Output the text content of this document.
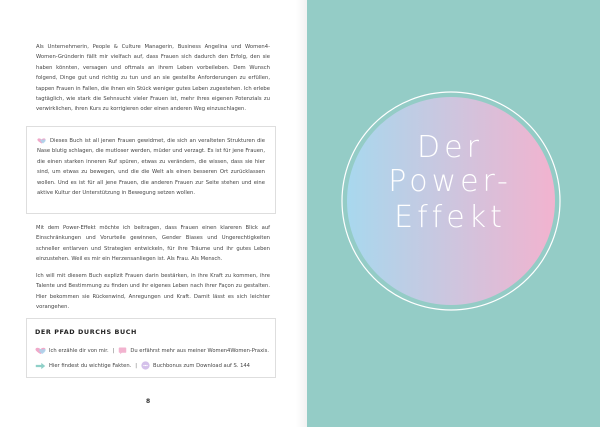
Als Unternehmerin, People & Culture Managerin, Business Angelina und Women4-Women-Gründerin fällt mir vielfach auf, dass Frauen sich dadurch den Erfolg, den sie haben könnten, versagen und oftmals an ihrem Leben vorbeileben. Dem Wunsch folgend, Dinge gut und richtig zu tun und an sie gestellte Anforderungen zu erfüllen, tappen Frauen in Fallen, die ihnen ein Stück weniger gutes Leben zugestehen. Ich erlebe tagtäglich, wie stark die Sehnsucht vieler Frauen ist, mehr ihres eigenen Potenzials zu verwirklichen, ihren Kurs zu korrigieren oder einen anderen Weg einzuschlagen.

Dieses Buch ist all jenen Frauen gewidmet, die sich an veralteten Strukturen die Nase blutig schlagen, die mutloser werden, müder und verzagt. Es ist für jene Frauen, die einen starken inneren Ruf spüren, etwas zu verändern, die wissen, dass sie hier sind, um etwas zu bewegen, und die die Welt als einen besseren Ort zurücklassen wollen. Und es ist für all jene Frauen, die anderen Frauen zur Seite stehen und eine aktive Kultur der Unterstützung in Bewegung setzen wollen.

Mit dem Power-Effekt möchte ich beitragen, dass Frauen einen klareren Blick auf Einschränkungen und Vorurteile gewinnen, Gender Biases und Ungerechtigkeiten schneller entlarven und Strategien entwickeln, für ihre Träume und ihr gutes Leben einzustehen. Weil es mir ein Herzensanliegen ist. Als Frau. Als Mensch.

Ich will mit diesem Buch explizit Frauen darin bestärken, in ihre Kraft zu kommen, ihre Talente und Bestimmung zu finden und ihr eigenes Leben nach ihrer Façon zu gestalten. Hier bekommen sie Rückenwind, Anregungen und Kraft. Damit lässt es sich leichter vorangehen.

DER PFAD DURCHS BUCH
Ich erzähle dir von mir. |	Du erfährst mehr aus meiner Women4Women-Praxis.
Hier findest du wichtige Fakten. |	Buchbonus zum Download auf S. 144
8
Der
Power-
Effekt
